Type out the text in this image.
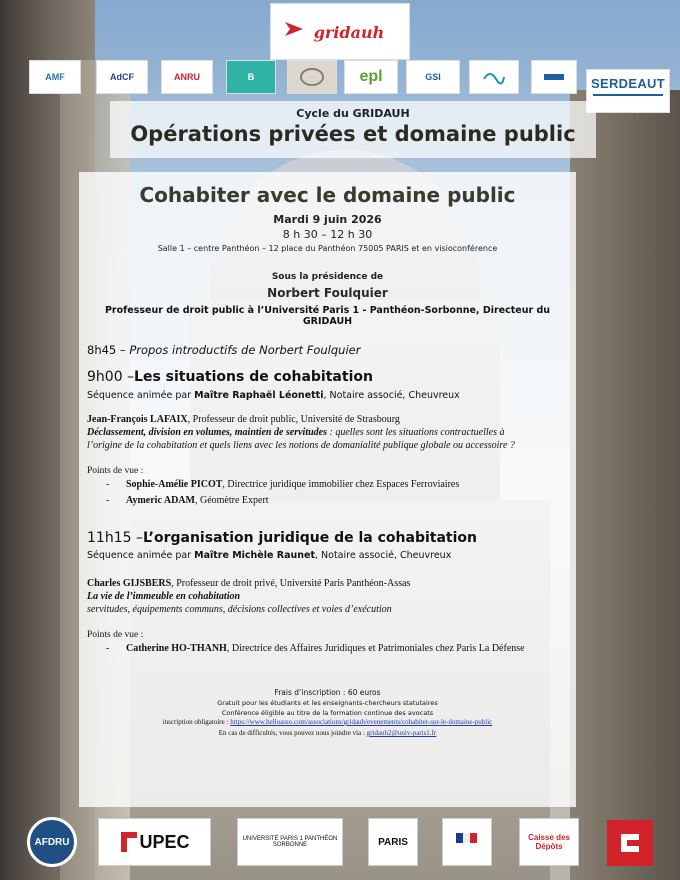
gridauh
AMF	AdCF	ANRU	B	epl	GSI	SERDEAUT
Cycle du GRIDAUH
Opérations privées et domaine public
Cohabiter avec le domaine public
Mardi 9 juin 2026
8 h 30 – 12 h 30
Salle 1 – centre Panthéon – 12 place du Panthéon 75005 PARIS et en visioconférence
Sous la présidence de
Norbert Foulquier
Professeur de droit public à l’Université Paris 1 - Panthéon-Sorbonne, Directeur du GRIDAUH
8h45 – Propos introductifs de Norbert Foulquier
9h00 –Les situations de cohabitation
Séquence animée par Maître Raphaël Léonetti, Notaire associé, Cheuvreux
Jean-François LAFAIX, Professeur de droit public, Université de Strasbourg
Déclassement, division en volumes, maintien de servitudes : quelles sont les situations contractuelles à
l’origine de la cohabitation et quels liens avec les notions de domanialité publique globale ou accessoire ?
Points de vue :
- Sophie-Amélie PICOT, Directrice juridique immobilier chez Espaces Ferroviaires
- Aymeric ADAM, Géomètre Expert
11h15 –L’organisation juridique de la cohabitation
Séquence animée par Maître Michèle Raunet, Notaire associé, Cheuvreux
Charles GIJSBERS, Professeur de droit privé, Université Paris Panthéon-Assas
La vie de l’immeuble en cohabitation
servitudes, équipements communs, décisions collectives et voies d’exécution
Points de vue :
- Catherine HO-THANH, Directrice des Affaires Juridiques et Patrimoniales chez Paris La Défense
Frais d’inscription : 60 euros
Gratuit pour les étudiants et les enseignants-chercheurs statutaires
Conférence éligible au titre de la formation continue des avocats
inscription obligatoire : https://www.helloasso.com/associations/gridauh/evenements/cohabiter-sur-le-domaine-public
En cas de difficultés, vous pouvez nous joindre via : gridauh2@univ-paris1.fr
AFDRU	UPEC	UNIVERSITÉ PARIS 1 PANTHÉON SORBONNE	PARIS	Caisse des Dépôts
